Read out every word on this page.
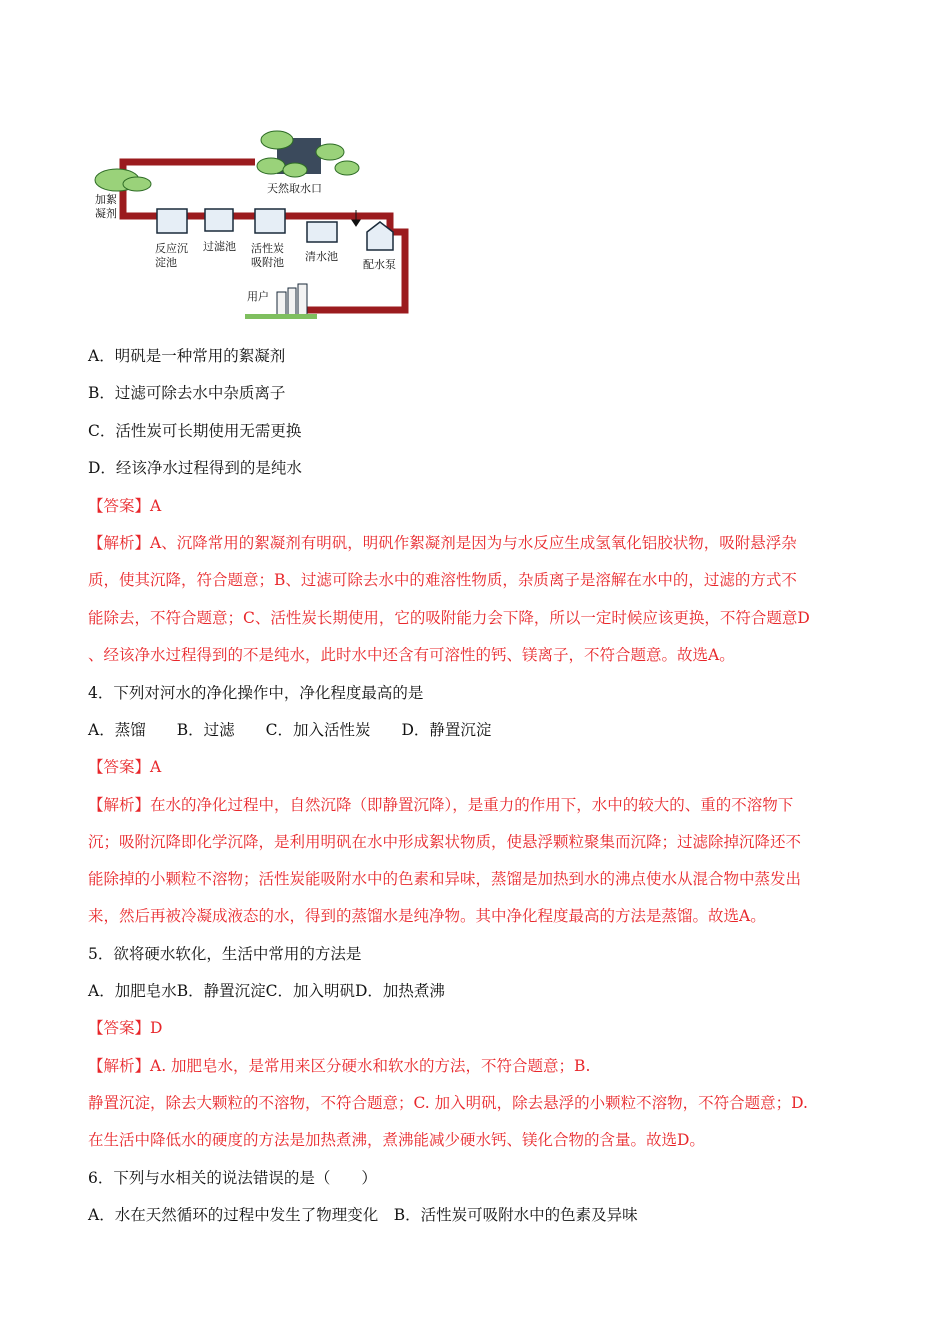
天然取水口
加絮
凝剂
反应沉
淀池
过滤池 活性炭
吸附池 清水池
配水泵
用户
A．明矾是一种常用的絮凝剂
B．过滤可除去水中杂质离子
C．活性炭可长期使用无需更换
D．经该净水过程得到的是纯水
【答案】A
【解析】A、沉降常用的絮凝剂有明矾，明矾作絮凝剂是因为与水反应生成氢氧化铝胶状物，吸附悬浮杂
质，使其沉降，符合题意；B、过滤可除去水中的难溶性物质，杂质离子是溶解在水中的，过滤的方式不
能除去，不符合题意；C、活性炭长期使用，它的吸附能力会下降，所以一定时候应该更换，不符合题意D
、经该净水过程得到的不是纯水，此时水中还含有可溶性的钙、镁离子，不符合题意。故选A。
4．下列对河水的净化操作中，净化程度最高的是
A．蒸馏　　B．过滤　　C．加入活性炭　　D．静置沉淀
【答案】A
【解析】在水的净化过程中，自然沉降（即静置沉降），是重力的作用下，水中的较大的、重的不溶物下
沉；吸附沉降即化学沉降，是利用明矾在水中形成絮状物质，使悬浮颗粒聚集而沉降；过滤除掉沉降还不
能除掉的小颗粒不溶物；活性炭能吸附水中的色素和异味，蒸馏是加热到水的沸点使水从混合物中蒸发出
来，然后再被冷凝成液态的水，得到的蒸馏水是纯净物。其中净化程度最高的方法是蒸馏。故选A。
5．欲将硬水软化，生活中常用的方法是
A．加肥皂水B．静置沉淀C．加入明矾D．加热煮沸
【答案】D
【解析】A. 加肥皂水，是常用来区分硬水和软水的方法，不符合题意；B.
静置沉淀，除去大颗粒的不溶物，不符合题意；C. 加入明矾，除去悬浮的小颗粒不溶物，不符合题意；D.
在生活中降低水的硬度的方法是加热煮沸，煮沸能减少硬水钙、镁化合物的含量。故选D。
6．下列与水相关的说法错误的是（　　）
A．水在天然循环的过程中发生了物理变化　B．活性炭可吸附水中的色素及异味
